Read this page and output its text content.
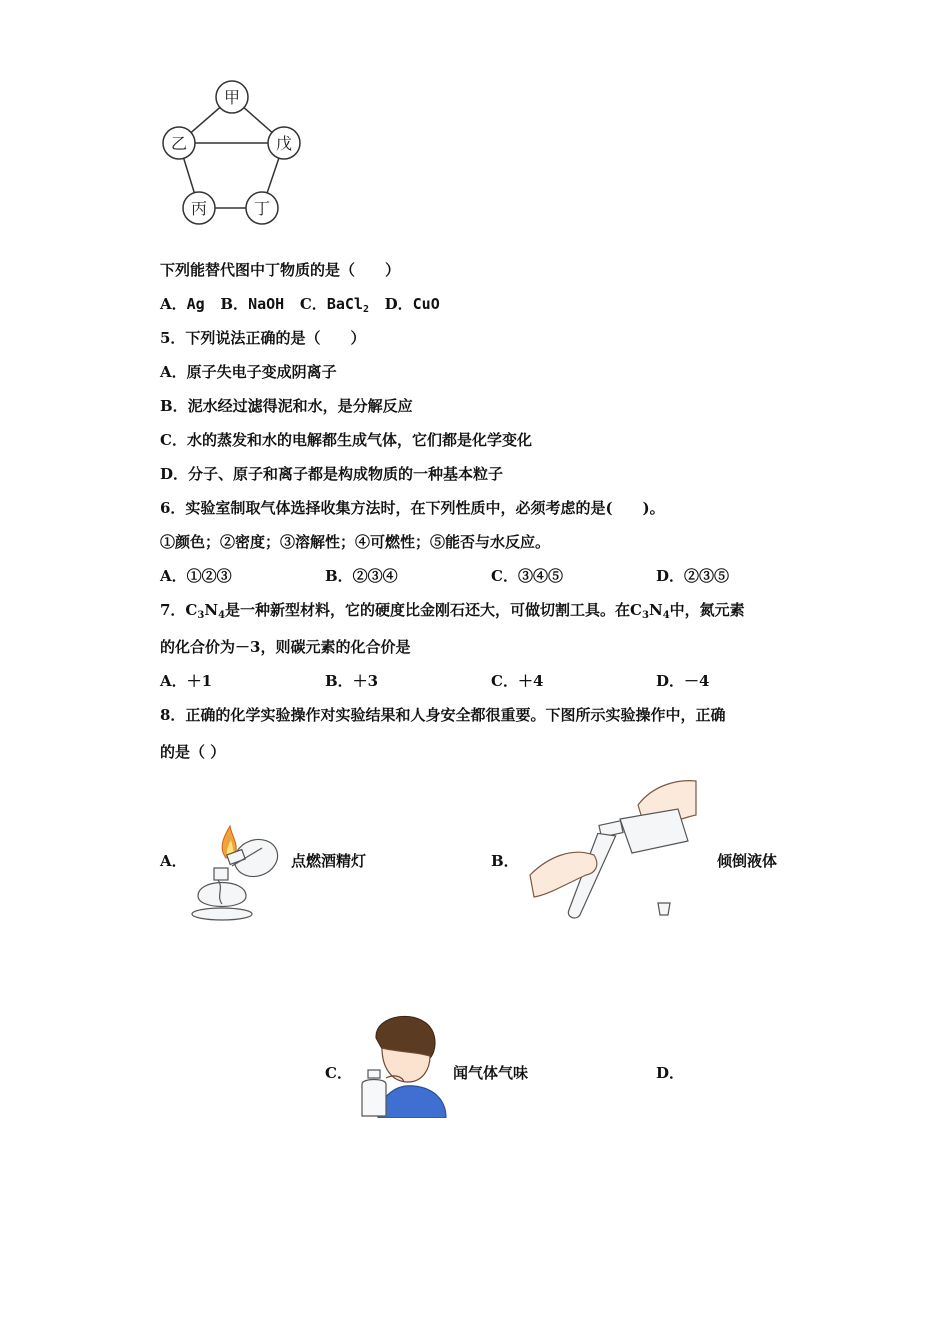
甲
乙	戊
丙	丁
下列能替代图中丁物质的是（　　）
A．Ag B．NaOH C．BaCl$_2$ D．CuO
5．下列说法正确的是（　　）
A．原子失电子变成阴离子
B．泥水经过滤得泥和水，是分解反应
C．水的蒸发和水的电解都生成气体，它们都是化学变化
D．分子、原子和离子都是构成物质的一种基本粒子
6．实验室制取气体选择收集方法时，在下列性质中，必须考虑的是(　　)。
①颜色；②密度；③溶解性；④可燃性；⑤能否与水反应。
A．①②③	B．②③④	C．③④⑤	D．②③⑤
7．$C_3N_4$是一种新型材料，它的硬度比金刚石还大，可做切割工具。在$C_3N_4$中，氮元素
的化合价为－3，则碳元素的化合价是
A．＋1	B．＋3	C．＋4	D．－4
8．正确的化学实验操作对实验结果和人身安全都很重要。下图所示实验操作中，正确
的是（ ）
A．	点燃酒精灯	B．	倾倒液体
C．	闻气体气味	D．
